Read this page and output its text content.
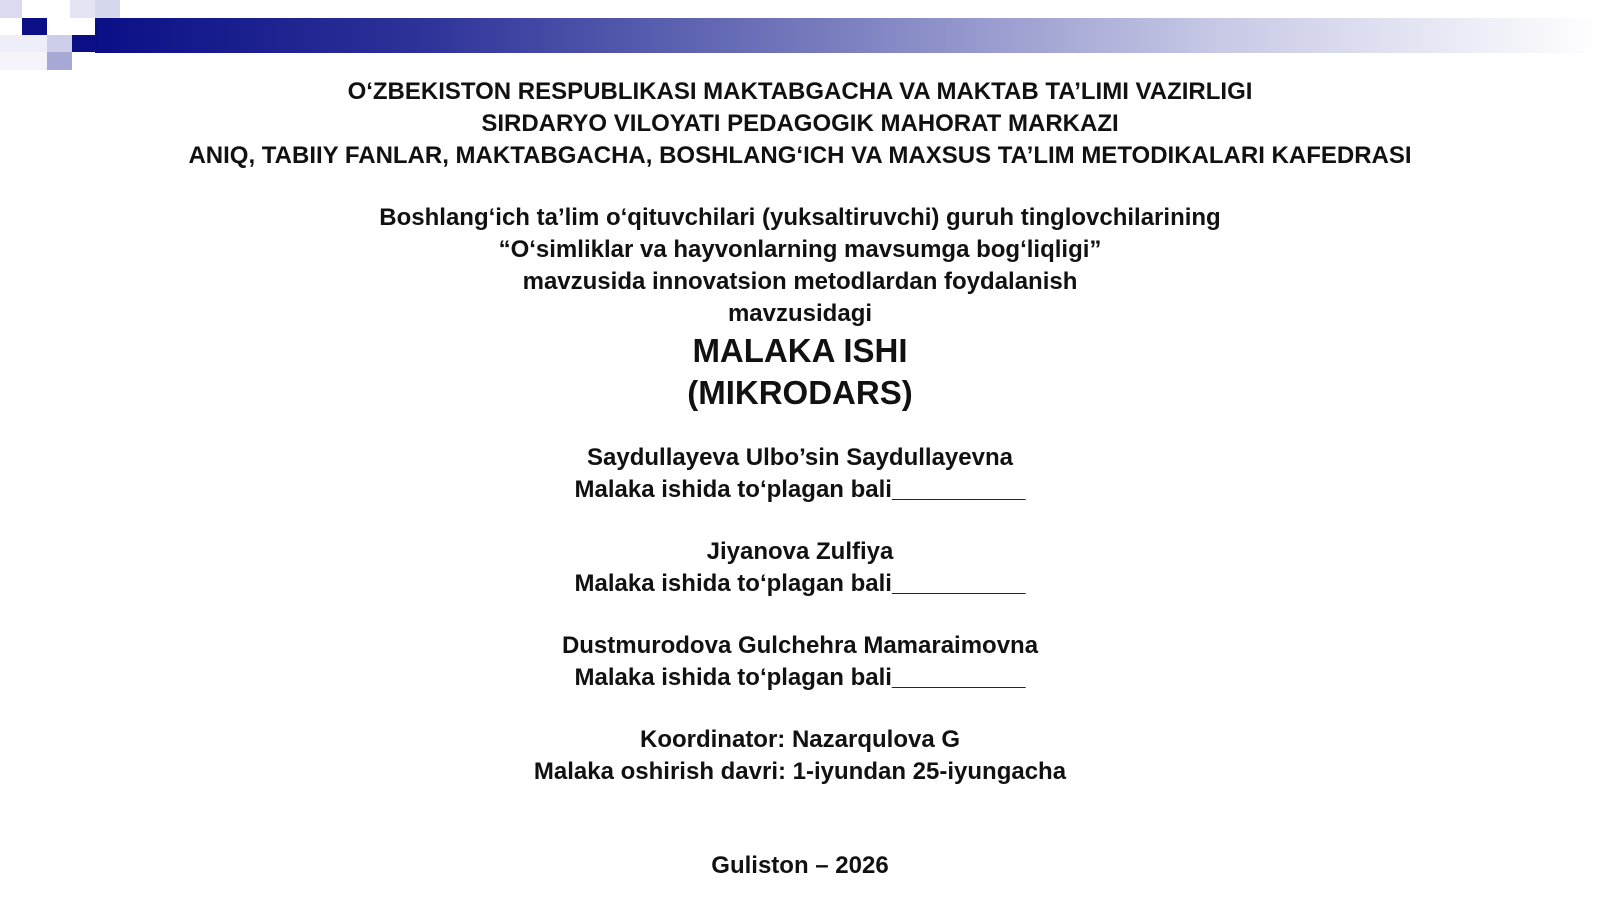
O‘ZBEKISTON RESPUBLIKASI MAKTABGACHA VA MAKTAB TA’LIMI VAZIRLIGI
SIRDARYO VILOYATI PEDAGOGIK MAHORAT MARKAZI
ANIQ, TABIIY FANLAR, MAKTABGACHA, BOSHLANG‘ICH VA MAXSUS TA’LIM METODIKALARI KAFEDRASI
Boshlang‘ich ta’lim o‘qituvchilari (yuksaltiruvchi) guruh tinglovchilarining
“O‘simliklar va hayvonlarning mavsumga bog‘liqligi”
mavzusida innovatsion metodlardan foydalanish
mavzusidagi
MALAKA ISHI
(MIKRODARS)
Saydullayeva Ulbo’sin Saydullayevna
Malaka ishida to‘plagan bali__________
Jiyanova Zulfiya
Malaka ishida to‘plagan bali__________
Dustmurodova Gulchehra Mamaraimovna
Malaka ishida to‘plagan bali__________
Koordinator: Nazarqulova G
Malaka oshirish davri: 1-iyundan 25-iyungacha
Guliston – 2026
